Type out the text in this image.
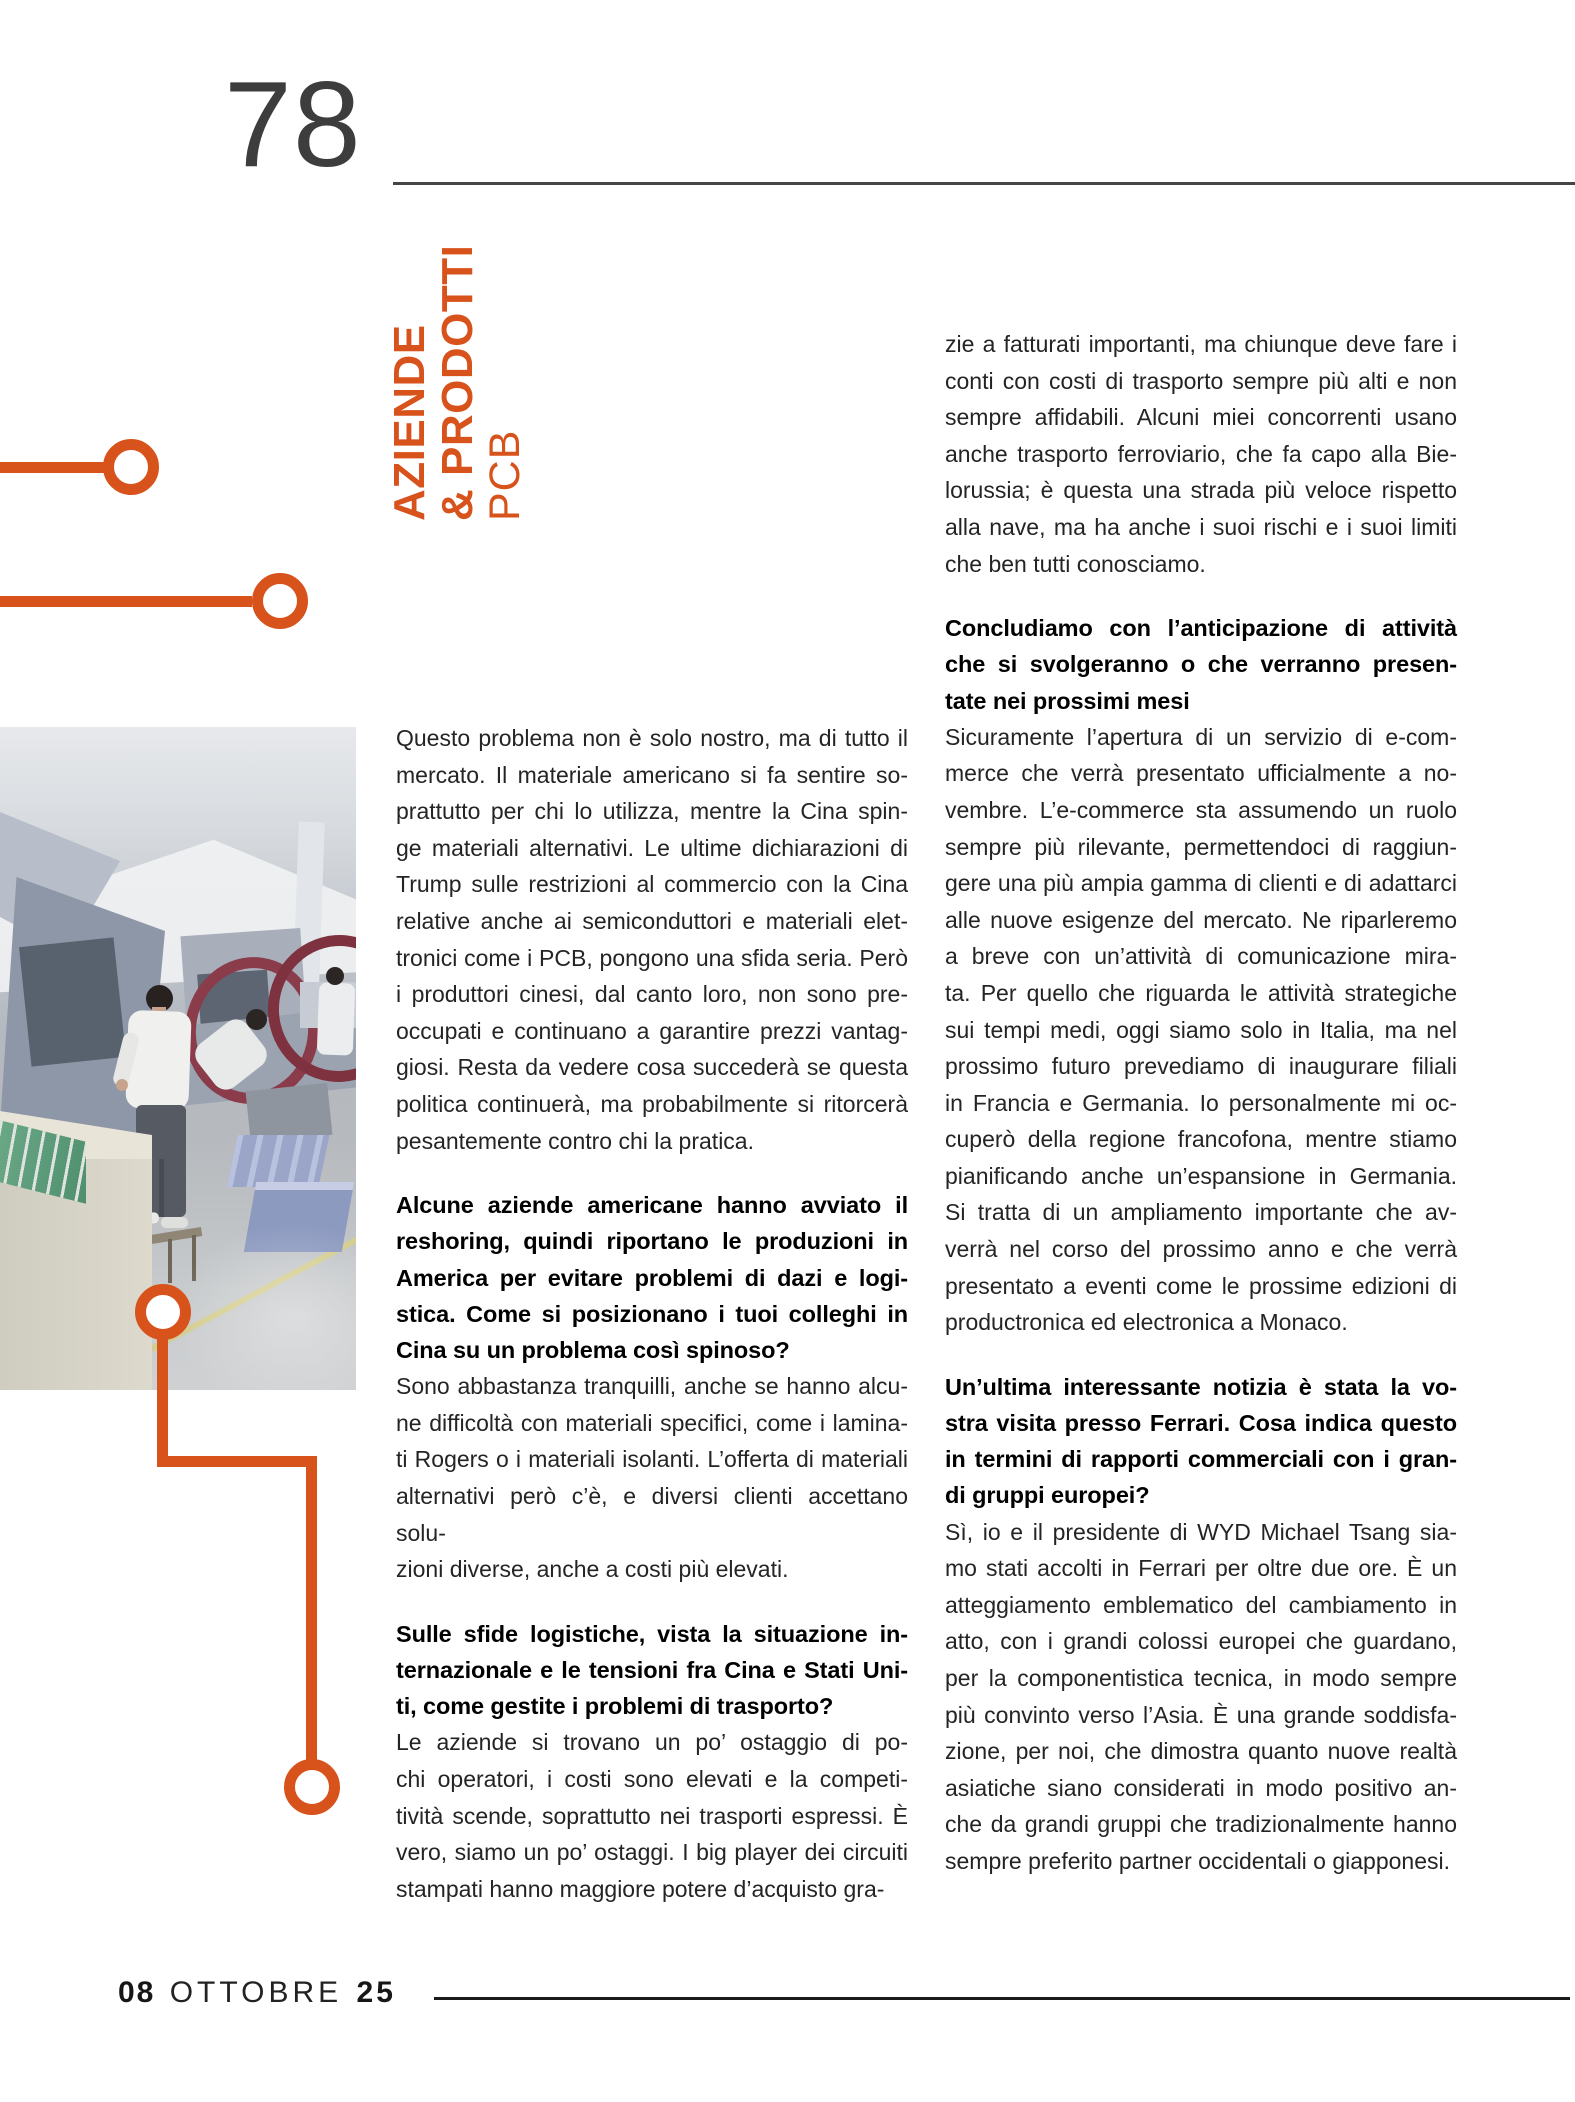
78
AZIENDE & PRODOTTI PCB
Questo problema non è solo nostro, ma di tutto il
mercato. Il materiale americano si fa sentire so-
prattutto per chi lo utilizza, mentre la Cina spin-
ge materiali alternativi. Le ultime dichiarazioni di
Trump sulle restrizioni al commercio con la Cina
relative anche ai semiconduttori e materiali elet-
tronici come i PCB, pongono una sfida seria. Però
i produttori cinesi, dal canto loro, non sono pre-
occupati e continuano a garantire prezzi vantag-
giosi. Resta da vedere cosa succederà se questa
politica continuerà, ma probabilmente si ritorcerà
pesantemente contro chi la pratica.
Alcune aziende americane hanno avviato il
reshoring, quindi riportano le produzioni in
America per evitare problemi di dazi e logi-
stica. Come si posizionano i tuoi colleghi in
Cina su un problema così spinoso?
Sono abbastanza tranquilli, anche se hanno alcu-
ne difficoltà con materiali specifici, come i lamina-
ti Rogers o i materiali isolanti. L’offerta di materiali
alternativi però c’è, e diversi clienti accettano solu-
zioni diverse, anche a costi più elevati.
Sulle sfide logistiche, vista la situazione in-
ternazionale e le tensioni fra Cina e Stati Uni-
ti, come gestite i problemi di trasporto?
Le aziende si trovano un po’ ostaggio di po-
chi operatori, i costi sono elevati e la competi-
tività scende, soprattutto nei trasporti espressi. È
vero, siamo un po’ ostaggi. I big player dei circuiti
stampati hanno maggiore potere d’acquisto gra-
zie a fatturati importanti, ma chiunque deve fare i
conti con costi di trasporto sempre più alti e non
sempre affidabili. Alcuni miei concorrenti usano
anche trasporto ferroviario, che fa capo alla Bie-
lorussia; è questa una strada più veloce rispetto
alla nave, ma ha anche i suoi rischi e i suoi limiti
che ben tutti conosciamo.
Concludiamo con l’anticipazione di attività
che si svolgeranno o che verranno presen-
tate nei prossimi mesi
Sicuramente l’apertura di un servizio di e-com-
merce che verrà presentato ufficialmente a no-
vembre. L’e-commerce sta assumendo un ruolo
sempre più rilevante, permettendoci di raggiun-
gere una più ampia gamma di clienti e di adattarci
alle nuove esigenze del mercato. Ne riparleremo
a breve con un’attività di comunicazione mira-
ta. Per quello che riguarda le attività strategiche
sui tempi medi, oggi siamo solo in Italia, ma nel
prossimo futuro prevediamo di inaugurare filiali
in Francia e Germania. Io personalmente mi oc-
cuperò della regione francofona, mentre stiamo
pianificando anche un’espansione in Germania.
Si tratta di un ampliamento importante che av-
verrà nel corso del prossimo anno e che verrà
presentato a eventi come le prossime edizioni di
productronica ed electronica a Monaco.
Un’ultima interessante notizia è stata la vo-
stra visita presso Ferrari. Cosa indica questo
in termini di rapporti commerciali con i gran-
di gruppi europei?
Sì, io e il presidente di WYD Michael Tsang sia-
mo stati accolti in Ferrari per oltre due ore. È un
atteggiamento emblematico del cambiamento in
atto, con i grandi colossi europei che guardano,
per la componentistica tecnica, in modo sempre
più convinto verso l’Asia. È una grande soddisfa-
zione, per noi, che dimostra quanto nuove realtà
asiatiche siano considerati in modo positivo an-
che da grandi gruppi che tradizionalmente hanno
sempre preferito partner occidentali o giapponesi.
08 OTTOBRE 25
